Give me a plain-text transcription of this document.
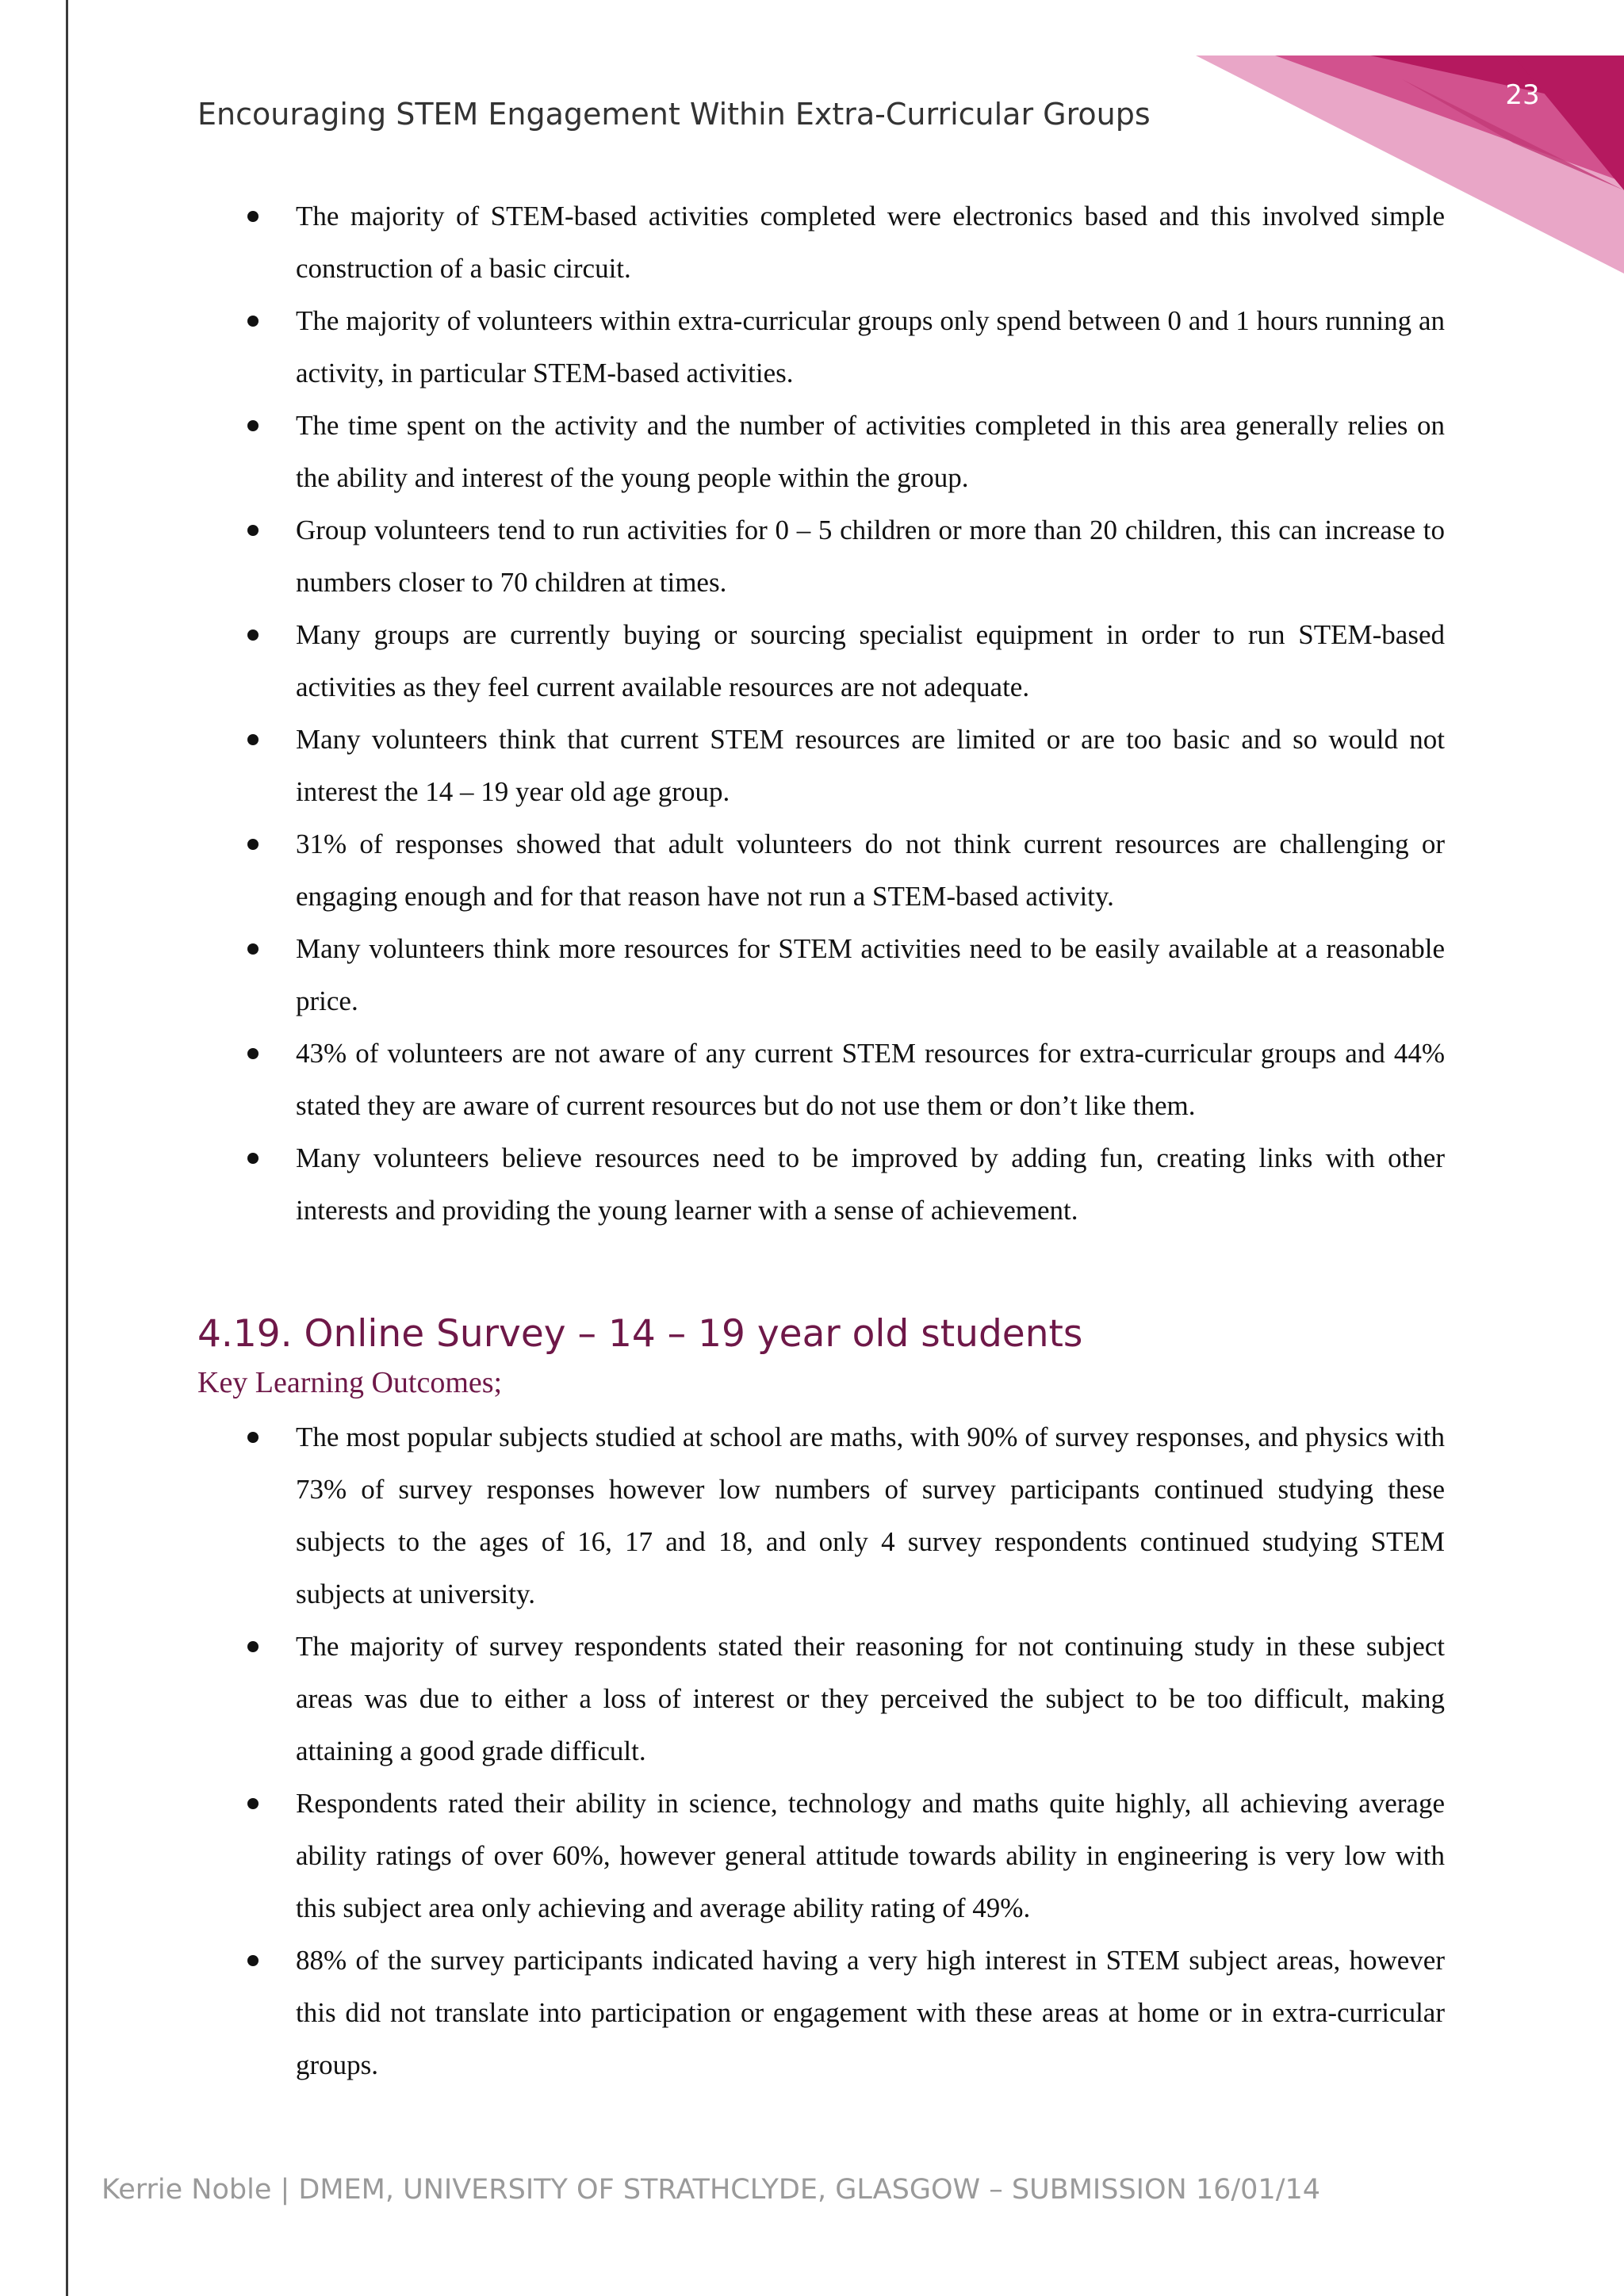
23
Encouraging STEM Engagement Within Extra-Curricular Groups
The majority of STEM-based activities completed were electronics based and this involved simple construction of a basic circuit.
The majority of volunteers within extra-curricular groups only spend between 0 and 1 hours running an activity, in particular STEM-based activities.
The time spent on the activity and the number of activities completed in this area generally relies on the ability and interest of the young people within the group.
Group volunteers tend to run activities for 0 – 5 children or more than 20 children, this can increase to numbers closer to 70 children at times.
Many groups are currently buying or sourcing specialist equipment in order to run STEM-based activities as they feel current available resources are not adequate.
Many volunteers think that current STEM resources are limited or are too basic and so would not interest the 14 – 19 year old age group.
31% of responses showed that adult volunteers do not think current resources are challenging or engaging enough and for that reason have not run a STEM-based activity.
Many volunteers think more resources for STEM activities need to be easily available at a reasonable price.
43% of volunteers are not aware of any current STEM resources for extra-curricular groups and 44% stated they are aware of current resources but do not use them or don’t like them.
Many volunteers believe resources need to be improved by adding fun, creating links with other interests and providing the young learner with a sense of achievement.
4.19. Online Survey – 14 – 19 year old students
Key Learning Outcomes;
The most popular subjects studied at school are maths, with 90% of survey responses, and physics with 73% of survey responses however low numbers of survey participants continued studying these subjects to the ages of 16, 17 and 18, and only 4 survey respondents continued studying STEM subjects at university.
The majority of survey respondents stated their reasoning for not continuing study in these subject areas was due to either a loss of interest or they perceived the subject to be too difficult, making attaining a good grade difficult.
Respondents rated their ability in science, technology and maths quite highly, all achieving average ability ratings of over 60%, however general attitude towards ability in engineering is very low with this subject area only achieving and average ability rating of 49%.
88% of the survey participants indicated having a very high interest in STEM subject areas, however this did not translate into participation or engagement with these areas at home or in extra-curricular groups.
Kerrie Noble | DMEM, UNIVERSITY OF STRATHCLYDE, GLASGOW – SUBMISSION 16/01/14
